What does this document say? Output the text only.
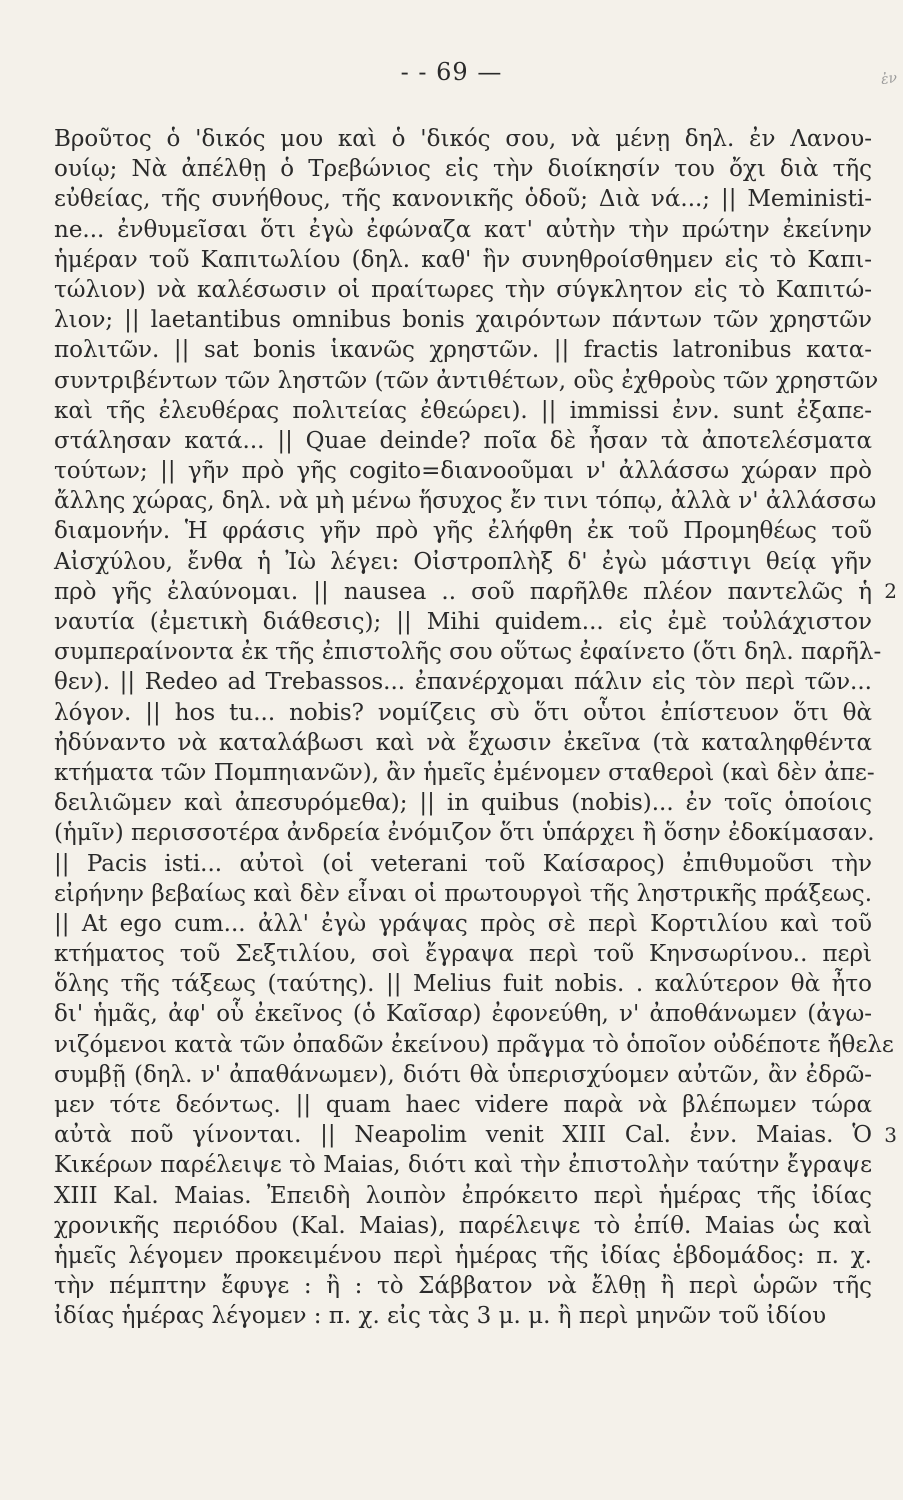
- - 69 —	ἐν
Βροῦτος ὁ 'δικός μου καὶ ὁ 'δικός σου, νὰ μένῃ δηλ. ἐν Λανου-
ουίῳ; Νὰ ἀπέλθῃ ὁ Τρεβώνιος εἰς τὴν διοίκησίν του ὄχι διὰ τῆς
εὐθείας, τῆς συνήθους, τῆς κανονικῆς ὁδοῦ; Διὰ νά...; || Meministi-
ne... ἐνθυμεῖσαι ὅτι ἐγὼ ἐφώναζα κατ' αὐτὴν τὴν πρώτην ἐκείνην
ἡμέραν τοῦ Καπιτωλίου (δηλ. καθ' ἣν συνηθροίσθημεν εἰς τὸ Καπι-
τώλιον) νὰ καλέσωσιν οἱ πραίτωρες τὴν σύγκλητον εἰς τὸ Καπιτώ-
λιον; || laetantibus omnibus bonis χαιρόντων πάντων τῶν χρηστῶν
πολιτῶν. || sat bonis ἱκανῶς χρηστῶν. || fractis latronibus κατα-
συντριβέντων τῶν ληστῶν (τῶν ἀντιθέτων, οὓς ἐχθροὺς τῶν χρηστῶν
καὶ τῆς ἐλευθέρας πολιτείας ἐθεώρει). || immissi ἐνν. sunt ἐξαπε-
στάλησαν κατά... || Quae deinde? ποῖα δὲ ἦσαν τὰ ἀποτελέσματα
τούτων; || γῆν πρὸ γῆς cogito=διανοοῦμαι ν' ἀλλάσσω χώραν πρὸ
ἄλλης χώρας, δηλ. νὰ μὴ μένω ἥσυχος ἔν τινι τόπῳ, ἀλλὰ ν' ἀλλάσσω
διαμονήν. Ἡ φράσις γῆν πρὸ γῆς ἐλήφθη ἐκ τοῦ Προμηθέως τοῦ
Αἰσχύλου, ἔνθα ἡ Ἰὼ λέγει: Οἰστροπλὴξ δ' ἐγὼ μάστιγι θείᾳ γῆν
πρὸ γῆς ἐλαύνομαι. || nausea .. σοῦ παρῆλθε πλέον παντελῶς ἡ
ναυτία (ἐμετικὴ διάθεσις); || Mihi quidem... εἰς ἐμὲ τοὐλάχιστον
συμπεραίνοντα ἐκ τῆς ἐπιστολῆς σου οὕτως ἐφαίνετο (ὅτι δηλ. παρῆλ-
θεν). || Redeo ad Trebassos... ἐπανέρχομαι πάλιν εἰς τὸν περὶ τῶν...
λόγον. || hos tu... nobis? νομίζεις σὺ ὅτι οὗτοι ἐπίστευον ὅτι θὰ
ἠδύναντο νὰ καταλάβωσι καὶ νὰ ἔχωσιν ἐκεῖνα (τὰ καταληφθέντα
κτήματα τῶν Πομπηιανῶν), ἂν ἡμεῖς ἐμένομεν σταθεροὶ (καὶ δὲν ἀπε-
δειλιῶμεν καὶ ἀπεσυρόμεθα); || in quibus (nobis)... ἐν τοῖς ὁποίοις
(ἡμῖν) περισσοτέρα ἀνδρεία ἐνόμιζον ὅτι ὑπάρχει ἢ ὅσην ἐδοκίμασαν.
|| Pacis isti... αὐτοὶ (οἱ veterani τοῦ Καίσαρος) ἐπιθυμοῦσι τὴν
εἰρήνην βεβαίως καὶ δὲν εἶναι οἱ πρωτουργοὶ τῆς ληστρικῆς πράξεως.
|| At ego cum... ἀλλ' ἐγὼ γράψας πρὸς σὲ περὶ Κορτιλίου καὶ τοῦ
κτήματος τοῦ Σεξτιλίου, σοὶ ἔγραψα περὶ τοῦ Κηνσωρίνου.. περὶ
ὅλης τῆς τάξεως (ταύτης). || Melius fuit nobis. . καλύτερον θὰ ἦτο
δι' ἡμᾶς, ἀφ' οὗ ἐκεῖνος (ὁ Καῖσαρ) ἐφονεύθη, ν' ἀποθάνωμεν (ἀγω-
νιζόμενοι κατὰ τῶν ὀπαδῶν ἐκείνου) πρᾶγμα τὸ ὁποῖον οὐδέποτε ἤθελε
συμβῇ (δηλ. ν' ἀπαθάνωμεν), διότι θὰ ὑπερισχύομεν αὐτῶν, ἂν ἐδρῶ-
μεν τότε δεόντως. || quam haec videre παρὰ νὰ βλέπωμεν τώρα
αὐτὰ ποῦ γίνονται. || Neapolim venit XIII Cal. ἐνν. Maias. Ὁ
Κικέρων παρέλειψε τὸ Maias, διότι καὶ τὴν ἐπιστολὴν ταύτην ἔγραψε
XIII Kal. Maias. Ἐπειδὴ λοιπὸν ἐπρόκειτο περὶ ἡμέρας τῆς ἰδίας
χρονικῆς περιόδου (Kal. Maias), παρέλειψε τὸ ἐπίθ. Maias ὡς καὶ
ἡμεῖς λέγομεν προκειμένου περὶ ἡμέρας τῆς ἰδίας ἑβδομάδος: π. χ.
τὴν πέμπτην ἔφυγε : ἢ : τὸ Σάββατον νὰ ἔλθῃ ἢ περὶ ὡρῶν τῆς
ἰδίας ἡμέρας λέγομεν : π. χ. εἰς τὰς 3 μ. μ. ἢ περὶ μηνῶν τοῦ ἰδίου
2
3
